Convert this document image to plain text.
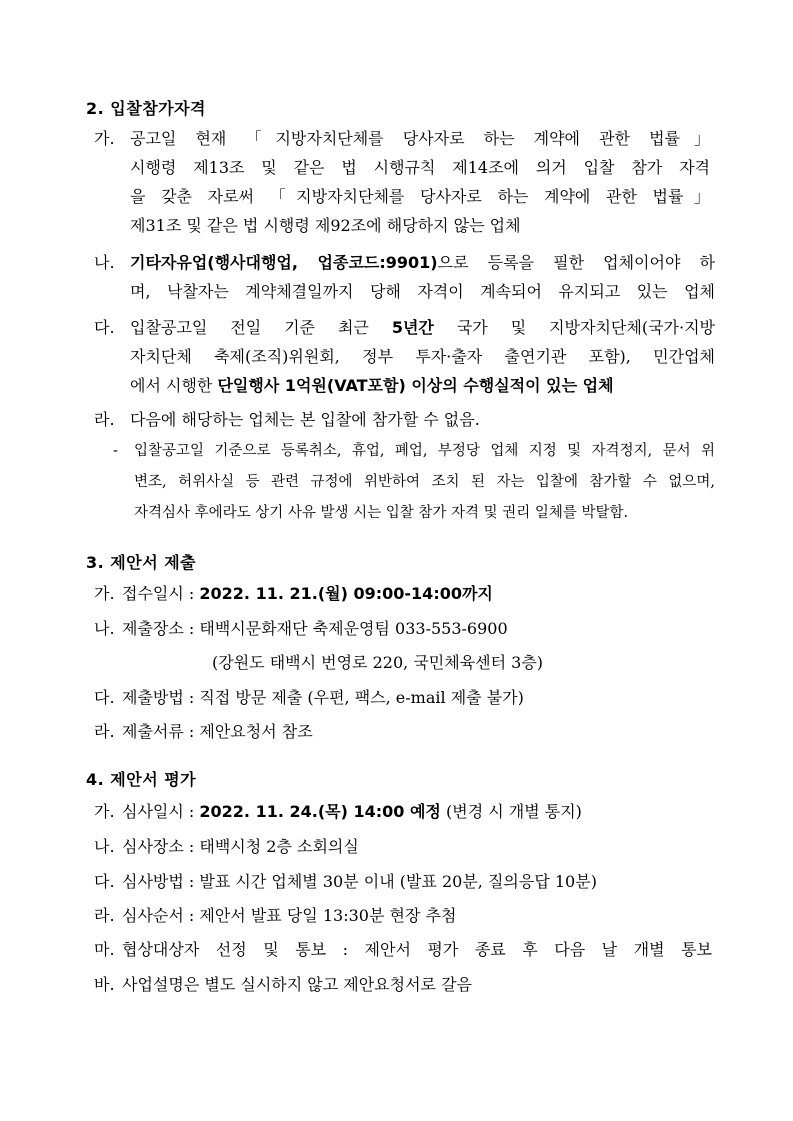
2. 입찰참가자격
가. 공고일 현재 「지방자치단체를 당사자로 하는 계약에 관한 법률」
시행령 제13조 및 같은 법 시행규칙 제14조에 의거 입찰 참가 자격
을 갖춘 자로써 「지방자치단체를 당사자로 하는 계약에 관한 법률」
제31조 및 같은 법 시행령 제92조에 해당하지 않는 업체
나. 기타자유업(행사대행업, 업종코드:9901)으로 등록을 필한 업체이어야 하
며, 낙찰자는 계약체결일까지 당해 자격이 계속되어 유지되고 있는 업체
다. 입찰공고일 전일 기준 최근 5년간 국가 및 지방자치단체(국가·지방
자치단체 축제(조직)위원회, 정부 투자·출자 출연기관 포함), 민간업체
에서 시행한 단일행사 1억원(VAT포함) 이상의 수행실적이 있는 업체
라. 다음에 해당하는 업체는 본 입찰에 참가할 수 없음.
- 입찰공고일 기준으로 등록취소, 휴업, 폐업, 부정당 업체 지정 및 자격정지, 문서 위
변조, 허위사실 등 관련 규정에 위반하여 조치 된 자는 입찰에 참가할 수 없으며,
자격심사 후에라도 상기 사유 발생 시는 입찰 참가 자격 및 권리 일체를 박탈함.
3. 제안서 제출
가. 접수일시 : 2022. 11. 21.(월) 09:00-14:00까지
나. 제출장소 : 태백시문화재단 축제운영팀 033-553-6900
(강원도 태백시 번영로 220, 국민체육센터 3층)
다. 제출방법 : 직접 방문 제출 (우편, 팩스, e-mail 제출 불가)
라. 제출서류 : 제안요청서 참조
4. 제안서 평가
가. 심사일시 : 2022. 11. 24.(목) 14:00 예정 (변경 시 개별 통지)
나. 심사장소 : 태백시청 2층 소회의실
다. 심사방법 : 발표 시간 업체별 30분 이내 (발표 20분, 질의응답 10분)
라. 심사순서 : 제안서 발표 당일 13:30분 현장 추첨
마. 협상대상자 선정 및 통보 : 제안서 평가 종료 후 다음 날 개별 통보
바. 사업설명은 별도 실시하지 않고 제안요청서로 갈음
